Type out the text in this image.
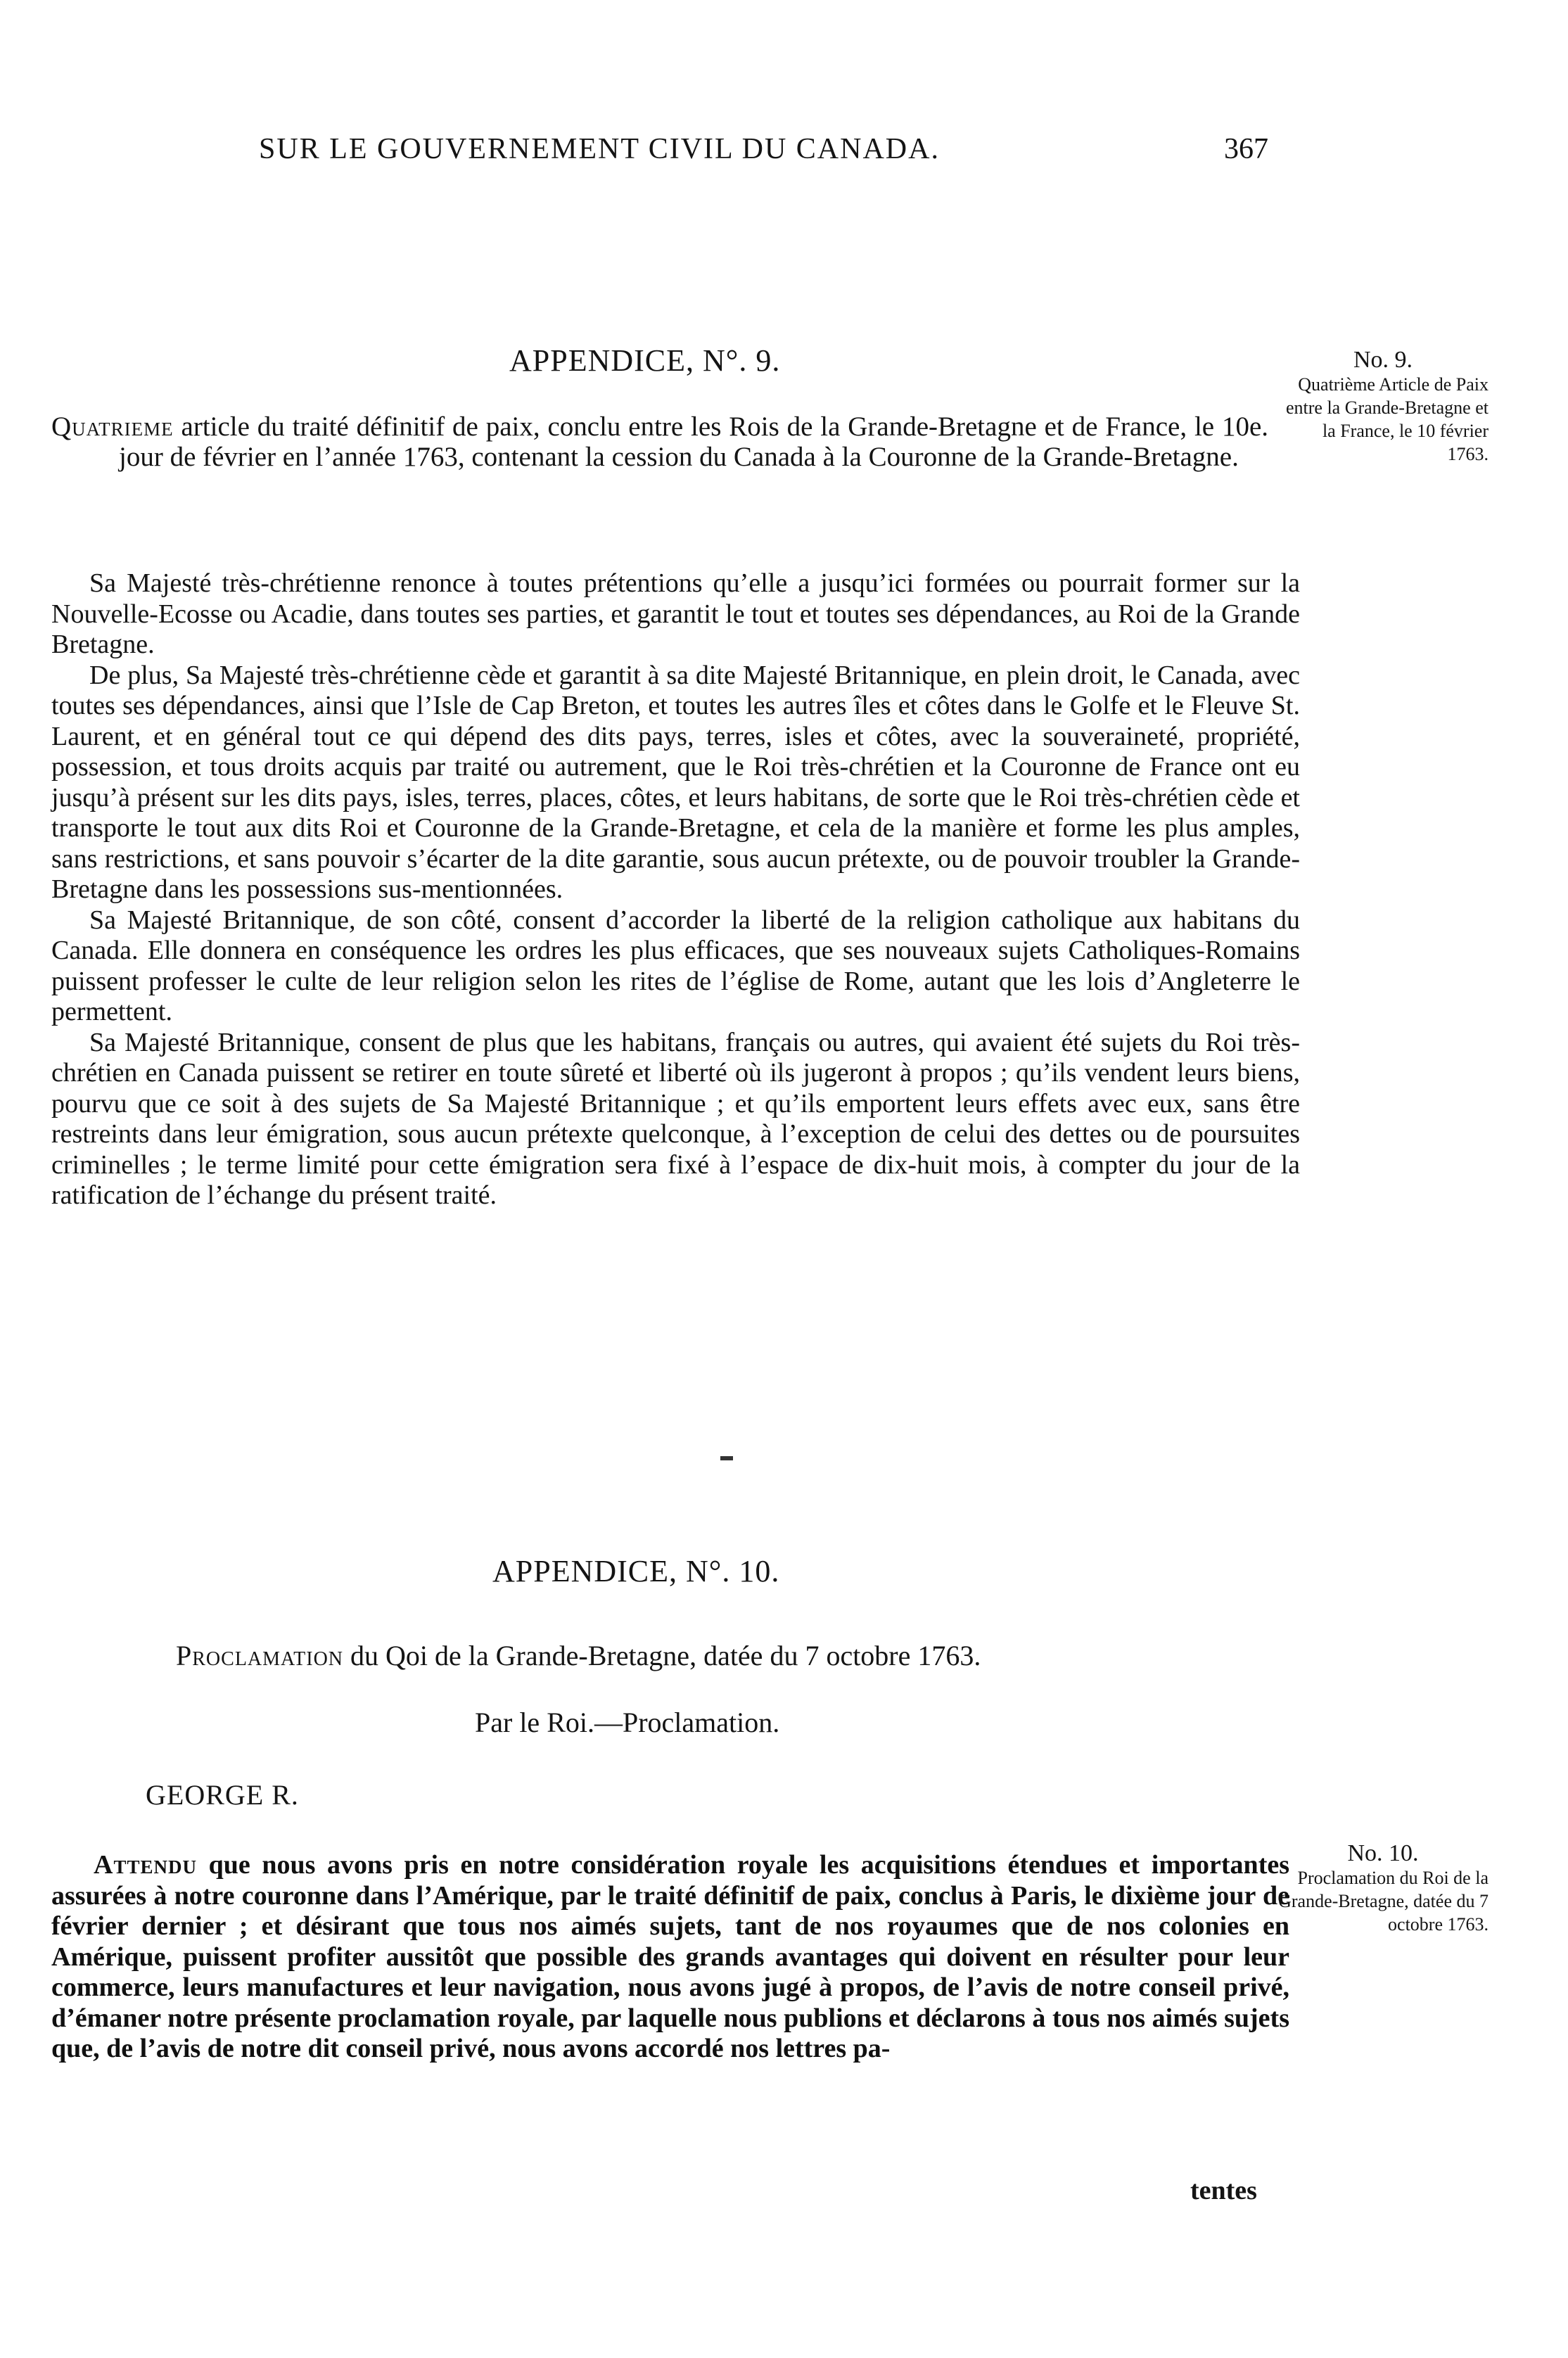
SUR LE GOUVERNEMENT CIVIL DU CANADA.	367
APPENDICE, N°. 9.	No. 9.
Quatrième Article de Paix entre la Grande-Bretagne et la France, le 10 février 1763.
Quatrieme article du traité définitif de paix, conclu entre les Rois de la Grande-Bretagne et de France, le 10e. jour de février en l’année 1763, contenant la cession du Canada à la Couronne de la Grande-Bretagne.

Sa Majesté très-chrétienne renonce à toutes prétentions qu’elle a jusqu’ici formées ou pourrait former sur la Nouvelle-Ecosse ou Acadie, dans toutes ses parties, et garantit le tout et toutes ses dépendances, au Roi de la Grande Bretagne.

De plus, Sa Majesté très-chrétienne cède et garantit à sa dite Majesté Britannique, en plein droit, le Canada, avec toutes ses dépendances, ainsi que l’Isle de Cap Breton, et toutes les autres îles et côtes dans le Golfe et le Fleuve St. Laurent, et en général tout ce qui dépend des dits pays, terres, isles et côtes, avec la souveraineté, propriété, possession, et tous droits acquis par traité ou autrement, que le Roi très-chrétien et la Couronne de France ont eu jusqu’à présent sur les dits pays, isles, terres, places, côtes, et leurs habitans, de sorte que le Roi très-chrétien cède et transporte le tout aux dits Roi et Couronne de la Grande-Bretagne, et cela de la manière et forme les plus amples, sans restrictions, et sans pouvoir s’écarter de la dite garantie, sous aucun prétexte, ou de pouvoir troubler la Grande-Bretagne dans les possessions sus-mentionnées.

Sa Majesté Britannique, de son côté, consent d’accorder la liberté de la religion catholique aux habitans du Canada. Elle donnera en conséquence les ordres les plus efficaces, que ses nouveaux sujets Catholiques-Romains puissent professer le culte de leur religion selon les rites de l’église de Rome, autant que les lois d’Angleterre le permettent.

Sa Majesté Britannique, consent de plus que les habitans, français ou autres, qui avaient été sujets du Roi très-chrétien en Canada puissent se retirer en toute sûreté et liberté où ils jugeront à propos ; qu’ils vendent leurs biens, pourvu que ce soit à des sujets de Sa Majesté Britannique ; et qu’ils emportent leurs effets avec eux, sans être restreints dans leur émigration, sous aucun prétexte quelconque, à l’exception de celui des dettes ou de poursuites criminelles ; le terme limité pour cette émigration sera fixé à l’espace de dix-huit mois, à compter du jour de la ratification de l’échange du présent traité.

APPENDICE, N°. 10.
Proclamation du Qoi de la Grande-Bretagne, datée du 7 octobre 1763.
Par le Roi.—Proclamation.
GEORGE R.
No. 10.
Proclamation du Roi de la Grande-Bretagne, datée du 7 octobre 1763.

Attendu que nous avons pris en notre considération royale les acquisitions étendues et importantes assurées à notre couronne dans l’Amérique, par le traité définitif de paix, conclus à Paris, le dixième jour de février dernier ; et désirant que tous nos aimés sujets, tant de nos royaumes que de nos colonies en Amérique, puissent profiter aussitôt que possible des grands avantages qui doivent en résulter pour leur commerce, leurs manufactures et leur navigation, nous avons jugé à propos, de l’avis de notre conseil privé, d’émaner notre présente proclamation royale, par laquelle nous publions et déclarons à tous nos aimés sujets que, de l’avis de notre dit conseil privé, nous avons accordé nos lettres pa-

tentes
